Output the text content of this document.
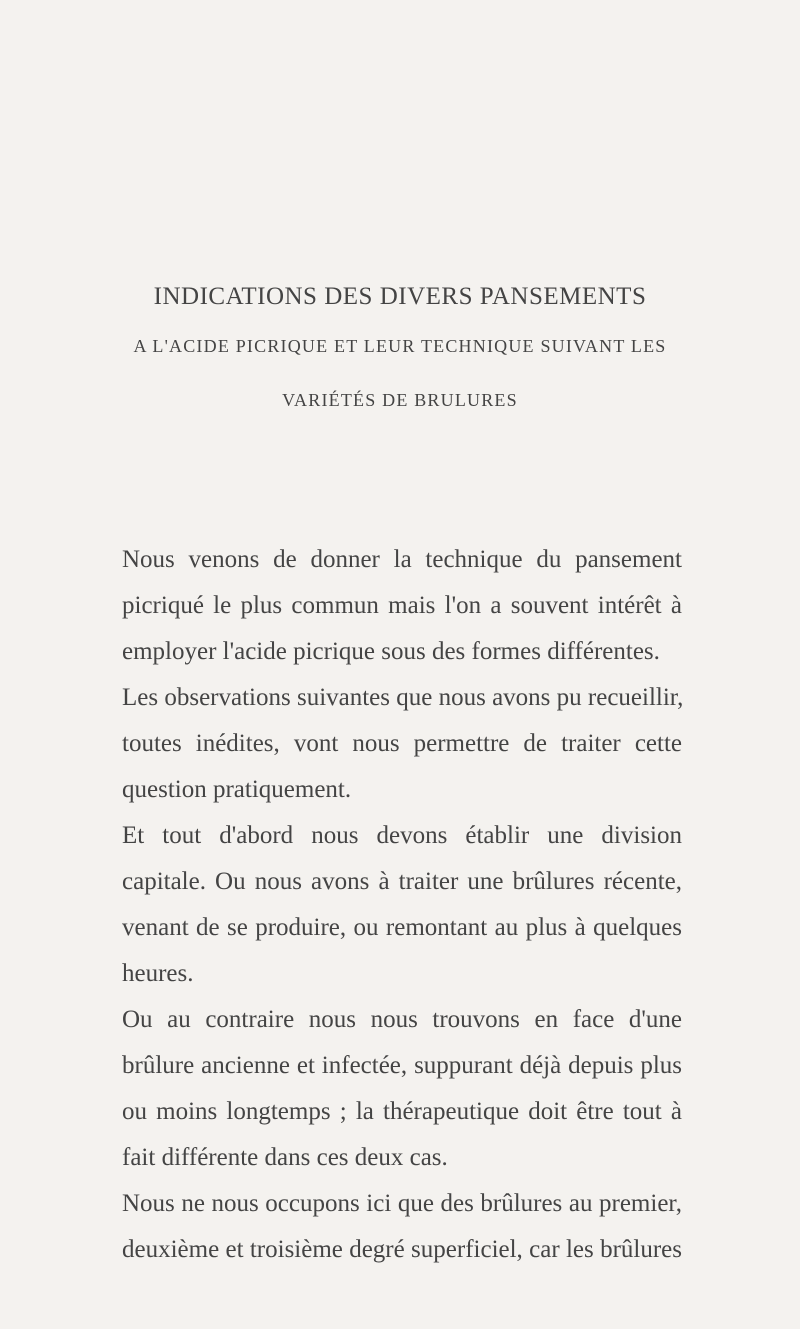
INDICATIONS DES DIVERS PANSEMENTS
A L'ACIDE PICRIQUE ET LEUR TECHNIQUE SUIVANT LES
VARIÉTÉS DE BRULURES

Nous venons de donner la technique du pansement
picriqué le plus commun mais l'on a souvent intérêt à
employer l'acide picrique sous des formes différentes.

Les observations suivantes que nous avons pu recueillir,
toutes inédites, vont nous permettre de traiter cette
question pratiquement.

Et tout d'abord nous devons établir une division
capitale. Ou nous avons à traiter une brûlures récente,
venant de se produire, ou remontant au plus à quelques
heures.

Ou au contraire nous nous trouvons en face d'une
brûlure ancienne et infectée, suppurant déjà depuis plus
ou moins longtemps ; la thérapeutique doit être tout à
fait différente dans ces deux cas.

Nous ne nous occupons ici que des brûlures au premier,
deuxième et troisième degré superficiel, car les brûlures
